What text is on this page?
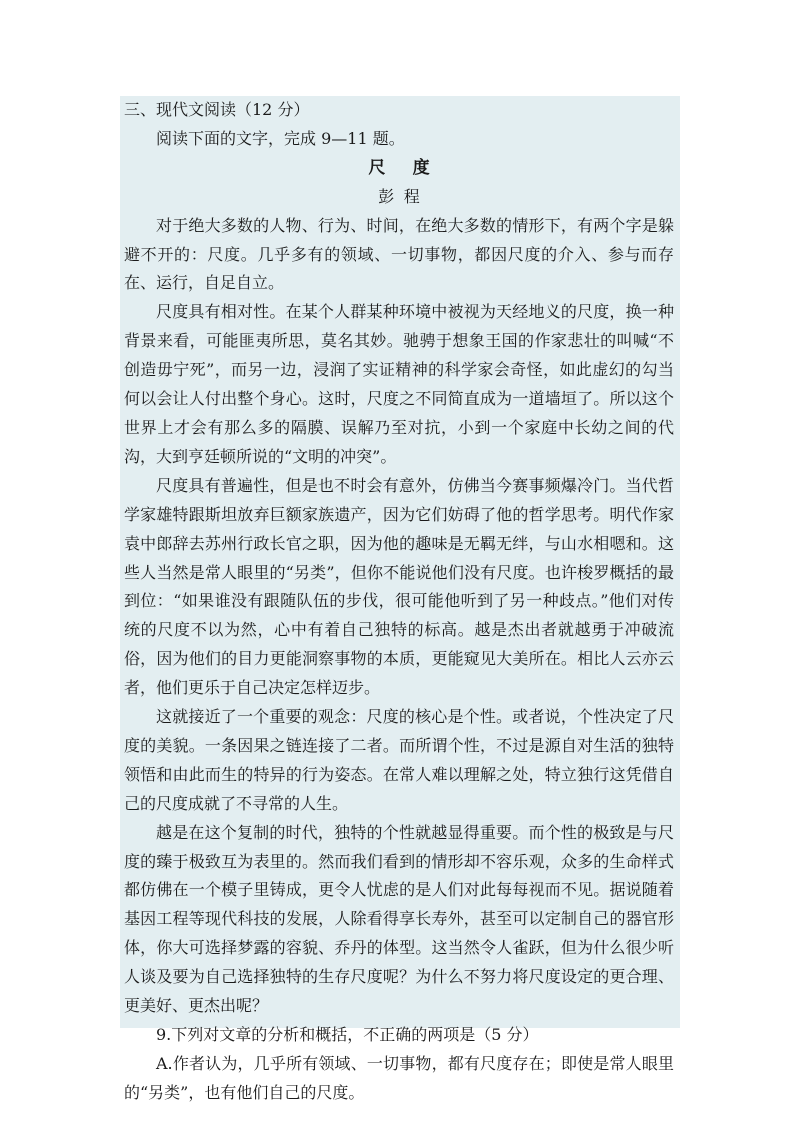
三、现代文阅读（12 分）

阅读下面的文字，完成 9—11 题。

尺度

彭程

对于绝大多数的人物、行为、时间，在绝大多数的情形下，有两个字是躲避不开的：尺度。几乎多有的领域、一切事物，都因尺度的介入、参与而存在、运行，自足自立。

尺度具有相对性。在某个人群某种环境中被视为天经地义的尺度，换一种背景来看，可能匪夷所思，莫名其妙。驰骋于想象王国的作家悲壮的叫喊“不创造毋宁死”，而另一边，浸润了实证精神的科学家会奇怪，如此虚幻的勾当何以会让人付出整个身心。这时，尺度之不同简直成为一道墙垣了。所以这个世界上才会有那么多的隔膜、误解乃至对抗，小到一个家庭中长幼之间的代沟，大到亨廷顿所说的“文明的冲突”。

尺度具有普遍性，但是也不时会有意外，仿佛当今赛事频爆冷门。当代哲学家雄特跟斯坦放弃巨额家族遗产，因为它们妨碍了他的哲学思考。明代作家袁中郎辞去苏州行政长官之职，因为他的趣味是无羁无绊，与山水相嗯和。这些人当然是常人眼里的“另类”，但你不能说他们没有尺度。也许梭罗概括的最到位：“如果谁没有跟随队伍的步伐，很可能他听到了另一种歧点。”他们对传统的尺度不以为然，心中有着自己独特的标高。越是杰出者就越勇于冲破流俗，因为他们的目力更能洞察事物的本质，更能窥见大美所在。相比人云亦云者，他们更乐于自己决定怎样迈步。

这就接近了一个重要的观念：尺度的核心是个性。或者说，个性决定了尺度的美貌。一条因果之链连接了二者。而所谓个性，不过是源自对生活的独特领悟和由此而生的特异的行为姿态。在常人难以理解之处，特立独行这凭借自己的尺度成就了不寻常的人生。

越是在这个复制的时代，独特的个性就越显得重要。而个性的极致是与尺度的臻于极致互为表里的。然而我们看到的情形却不容乐观，众多的生命样式都仿佛在一个模子里铸成，更令人忧虑的是人们对此每每视而不见。据说随着基因工程等现代科技的发展，人除看得享长寿外，甚至可以定制自己的器官形体，你大可选择梦露的容貌、乔丹的体型。这当然令人雀跃，但为什么很少听人谈及要为自己选择独特的生存尺度呢？为什么不努力将尺度设定的更合理、更美好、更杰出呢？

9.下列对文章的分析和概括，不正确的两项是（5 分）

A.作者认为，几乎所有领域、一切事物，都有尺度存在；即使是常人眼里的“另类”，也有他们自己的尺度。
